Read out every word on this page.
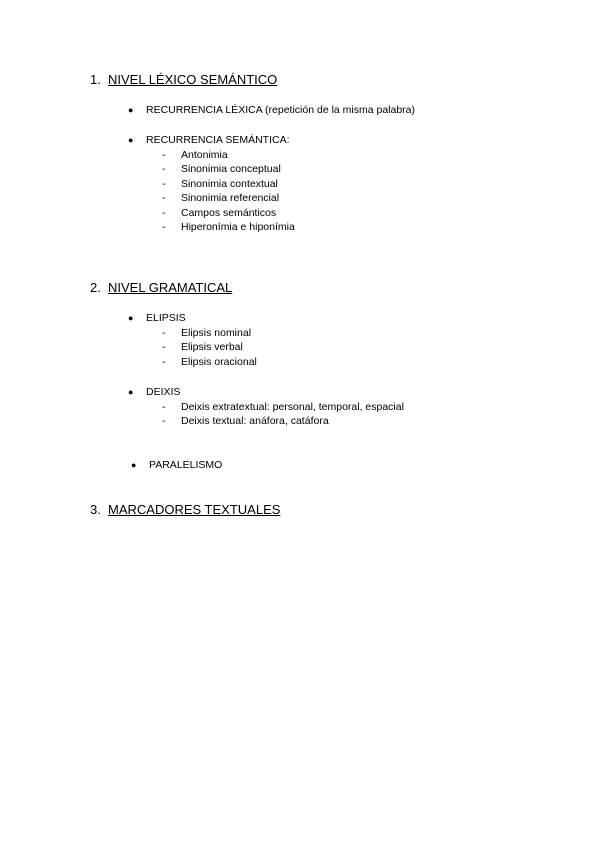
1. NIVEL LÉXICO SEMÁNTICO
● RECURRENCIA LÉXICA (repetición de la misma palabra)
● RECURRENCIA SEMÁNTICA:
- Antonimia
- Sinonimia conceptual
- Sinonimia contextual
- Sinonimia referencial
- Campos semánticos
- Hiperonímia e hiponímia
2. NIVEL GRAMATICAL
● ELIPSIS
- Elipsis nominal
- Elipsis verbal
- Elipsis oracional
● DEIXIS
- Deixis extratextual: personal, temporal, espacial
- Deixis textual: anáfora, catáfora
● PARALELISMO
3. MARCADORES TEXTUALES
